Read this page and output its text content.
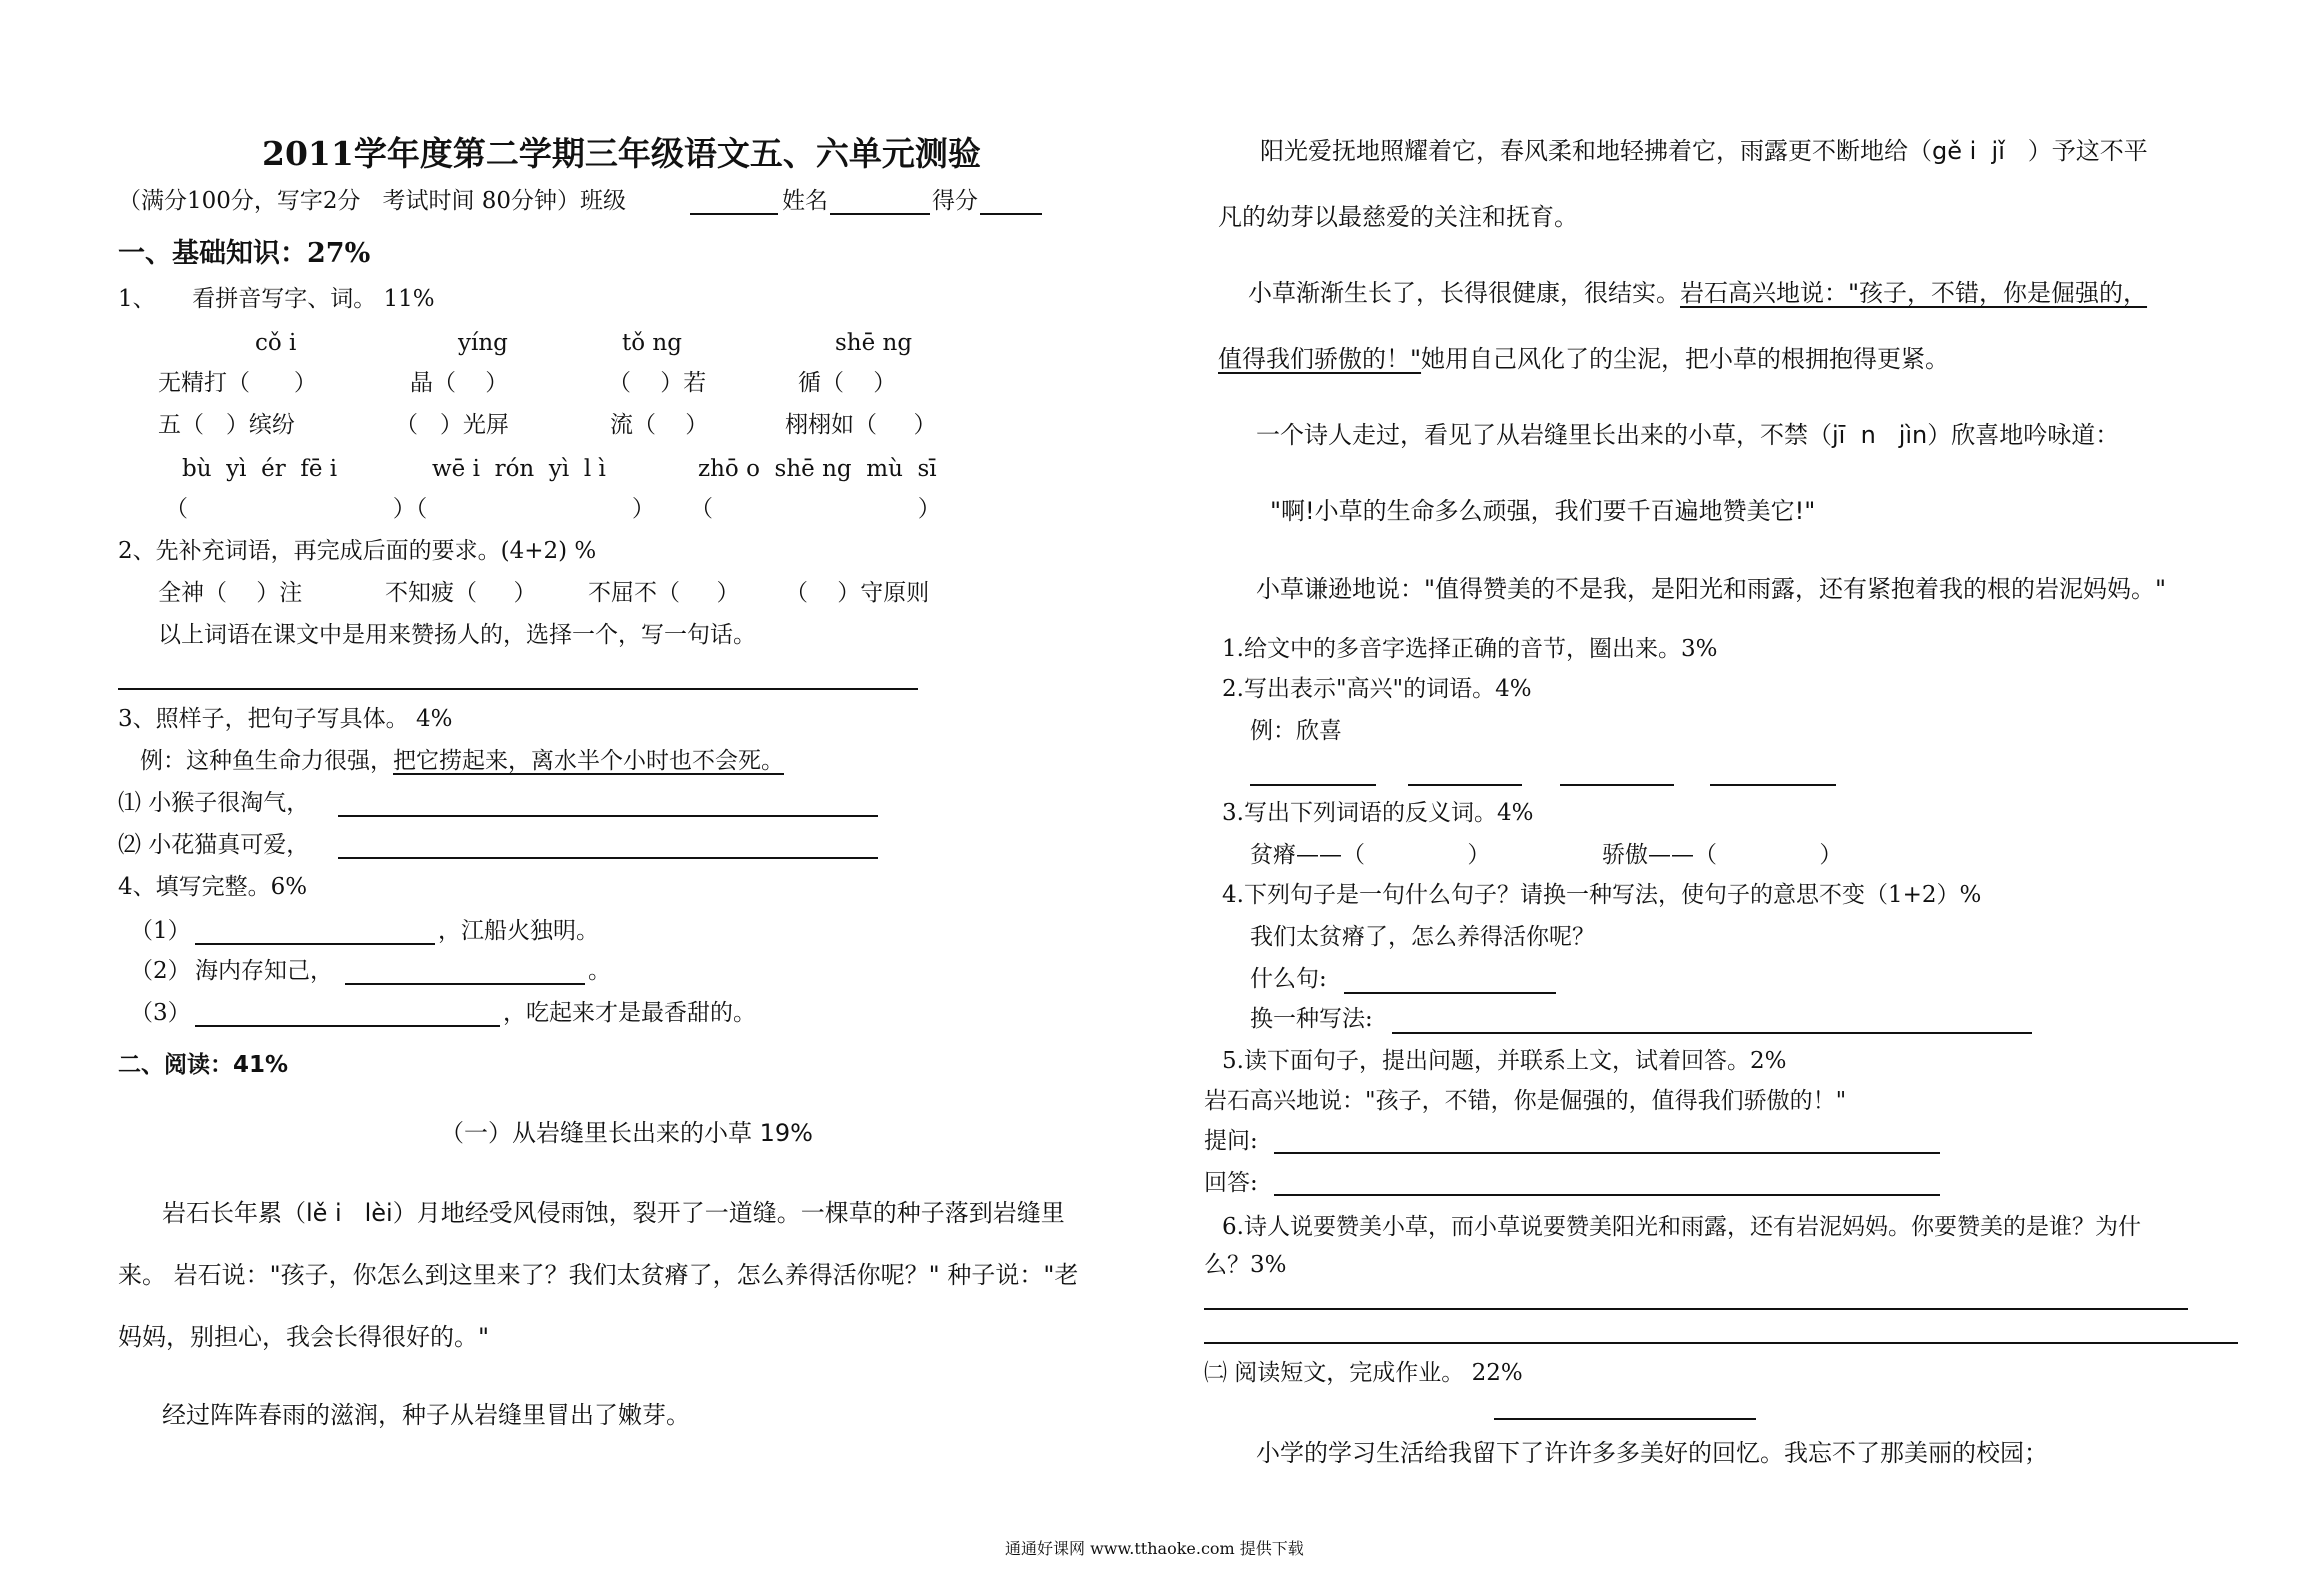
2011学年度第二学期三年级语文五、六单元测验
（满分100分，写字2分   考试时间 80分钟）班级	姓名	得分
一、基础知识：27%
1、     看拼音写字、词。 11%
cǒ i	yíng	tǒ ng	shē ng
无精打（      ）	晶（    ）	（    ）若	循（    ）
五（   ）缤纷	（   ）光屏	流（    ）	栩栩如（     ）
bù  yì  ér  fē i	wē i  rón  yì  l ì	zhō o  shē ng  mù  sī
（                            ）（                            ） （                            ）
2、先补充词语，再完成后面的要求。(4+2) %
全神（    ）注	不知疲（     ） 不屈不（     ） （    ）守原则
以上词语在课文中是用来赞扬人的，选择一个，写一句话。
3、照样子，把句子写具体。 4%
例：这种鱼生命力很强，把它捞起来，离水半个小时也不会死。
⑴ 小猴子很淘气，
⑵ 小花猫真可爱，
4、填写完整。6%
（1）	，江船火独明。
（2） 海内存知己，	。
（3）	，吃起来才是最香甜的。
二、阅读：41%
（一）从岩缝里长出来的小草 19%
岩石长年累（lě i   lèi）月地经受风侵雨蚀，裂开了一道缝。一棵草的种子落到岩缝里
来。 岩石说："孩子，你怎么到这里来了？我们太贫瘠了，怎么养得活你呢？" 种子说："老
妈妈，别担心，我会长得很好的。"
经过阵阵春雨的滋润，种子从岩缝里冒出了嫩芽。
阳光爱抚地照耀着它，春风柔和地轻拂着它，雨露更不断地给（gě i  jǐ   ）予这不平
凡的幼芽以最慈爱的关注和抚育。
小草渐渐生长了，长得很健康，很结实。岩石高兴地说："孩子，不错，你是倔强的，
值得我们骄傲的！"她用自己风化了的尘泥，把小草的根拥抱得更紧。
一个诗人走过，看见了从岩缝里长出来的小草，不禁（jī  n   jìn）欣喜地吟咏道：
"啊!小草的生命多么顽强，我们要千百遍地赞美它!"
小草谦逊地说："值得赞美的不是我，是阳光和雨露，还有紧抱着我的根的岩泥妈妈。"
1.给文中的多音字选择正确的音节，圈出来。3%
2.写出表示"高兴"的词语。4%
例：欣喜
3.写出下列词语的反义词。4%
贫瘠——（              ）	骄傲——（              ）
4.下列句子是一句什么句子？请换一种写法，使句子的意思不变（1+2）%
我们太贫瘠了，怎么养得活你呢？
什么句:
换一种写法:
5.读下面句子，提出问题，并联系上文，试着回答。2%
岩石高兴地说："孩子，不错，你是倔强的，值得我们骄傲的！"
提问:
回答:
6.诗人说要赞美小草，而小草说要赞美阳光和雨露，还有岩泥妈妈。你要赞美的是谁？为什
么？3%
㈡ 阅读短文，完成作业。 22%
小学的学习生活给我留下了许许多多美好的回忆。我忘不了那美丽的校园；
通通好课网 www.tthaoke.com 提供下载
